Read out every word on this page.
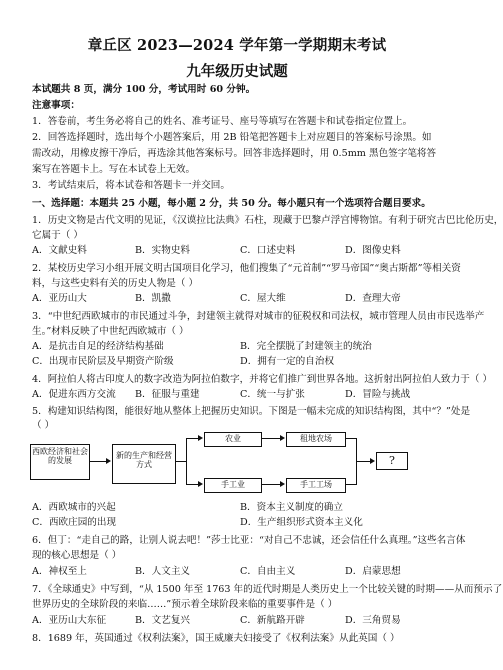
章丘区 2023—2024 学年第一学期期末考试
九年级历史试题
本试题共 8 页，满分 100 分，考试用时 60 分钟。
注意事项：
1．答卷前，考生务必将自己的姓名、准考证号、座号等填写在答题卡和试卷指定位置上。
2．回答选择题时，选出每个小题答案后，用 2B 铅笔把答题卡上对应题目的答案标号涂黑。如
需改动，用橡皮擦干净后，再选涂其他答案标号。回答非选择题时，用 0.5mm 黑色签字笔将答
案写在答题卡上。写在本试卷上无效。
3．考试结束后，将本试卷和答题卡一并交回。
一、选择题：本题共 25 小题，每小题 2 分，共 50 分。每小题只有一个选项符合题目要求。
1．历史文物是古代文明的见证，《汉谟拉比法典》石柱，现藏于巴黎卢浮宫博物馆。有利于研究古巴比伦历史，
它属于（ ）
A．文献史料	B．实物史料	C．口述史料	D．图像史料
2．某校历史学习小组开展文明古国项目化学习，他们搜集了“元首制”“罗马帝国”“奥古斯都”等相关资
料，与这些史料有关的历史人物是（ ）
A．亚历山大	B．凯撒	C．屋大维	D．查理大帝
3．“中世纪西欧城市的市民通过斗争，封建领主就得对城市的征税权和司法权，城市管理人员由市民选举产
生。”材料反映了中世纪西欧城市（ ）
A．是抗击自足的经济结构基础	B．完全摆脱了封建领主的统治
C．出现市民阶层及早期资产阶级	D．拥有一定的自治权
4．阿拉伯人将古印度人的数字改造为阿拉伯数字，并将它们推广到世界各地。这折射出阿拉伯人致力于（ ）
A．促进东西方交流 B．征服与重建	C．统一与扩张	D．冒险与挑战
5．构建知识结构图，能很好地从整体上把握历史知识。下图是一幅未完成的知识结构图，其中“？”处是
（ ）
西欧经济和社会的发展
新的生产和经营方式
农业	租地农场
手工业	手工工场
?
A．西欧城市的兴起	B．资本主义制度的确立
C．西欧庄园的出现	D．生产组织形式资本主义化
6．但丁：“走自己的路，让别人说去吧！”莎士比亚：“对自己不忠诚，还会信任什么真理。”这些名言体
现的核心思想是（ ）
A．神权至上	B．人文主义	C．自由主义	D．启蒙思想
7．《全球通史》中写到，“从 1500 年至 1763 年的近代时期是人类历史上一个比较关键的时期——从而预示了
世界历史的全球阶段的来临……”预示着全球阶段来临的重要事件是（ ）
A．亚历山大东征	B．文艺复兴	C．新航路开辟	D．三角贸易
8．1689 年，英国通过《权利法案》，国王威廉夫妇接受了《权利法案》从此英国（ ）
